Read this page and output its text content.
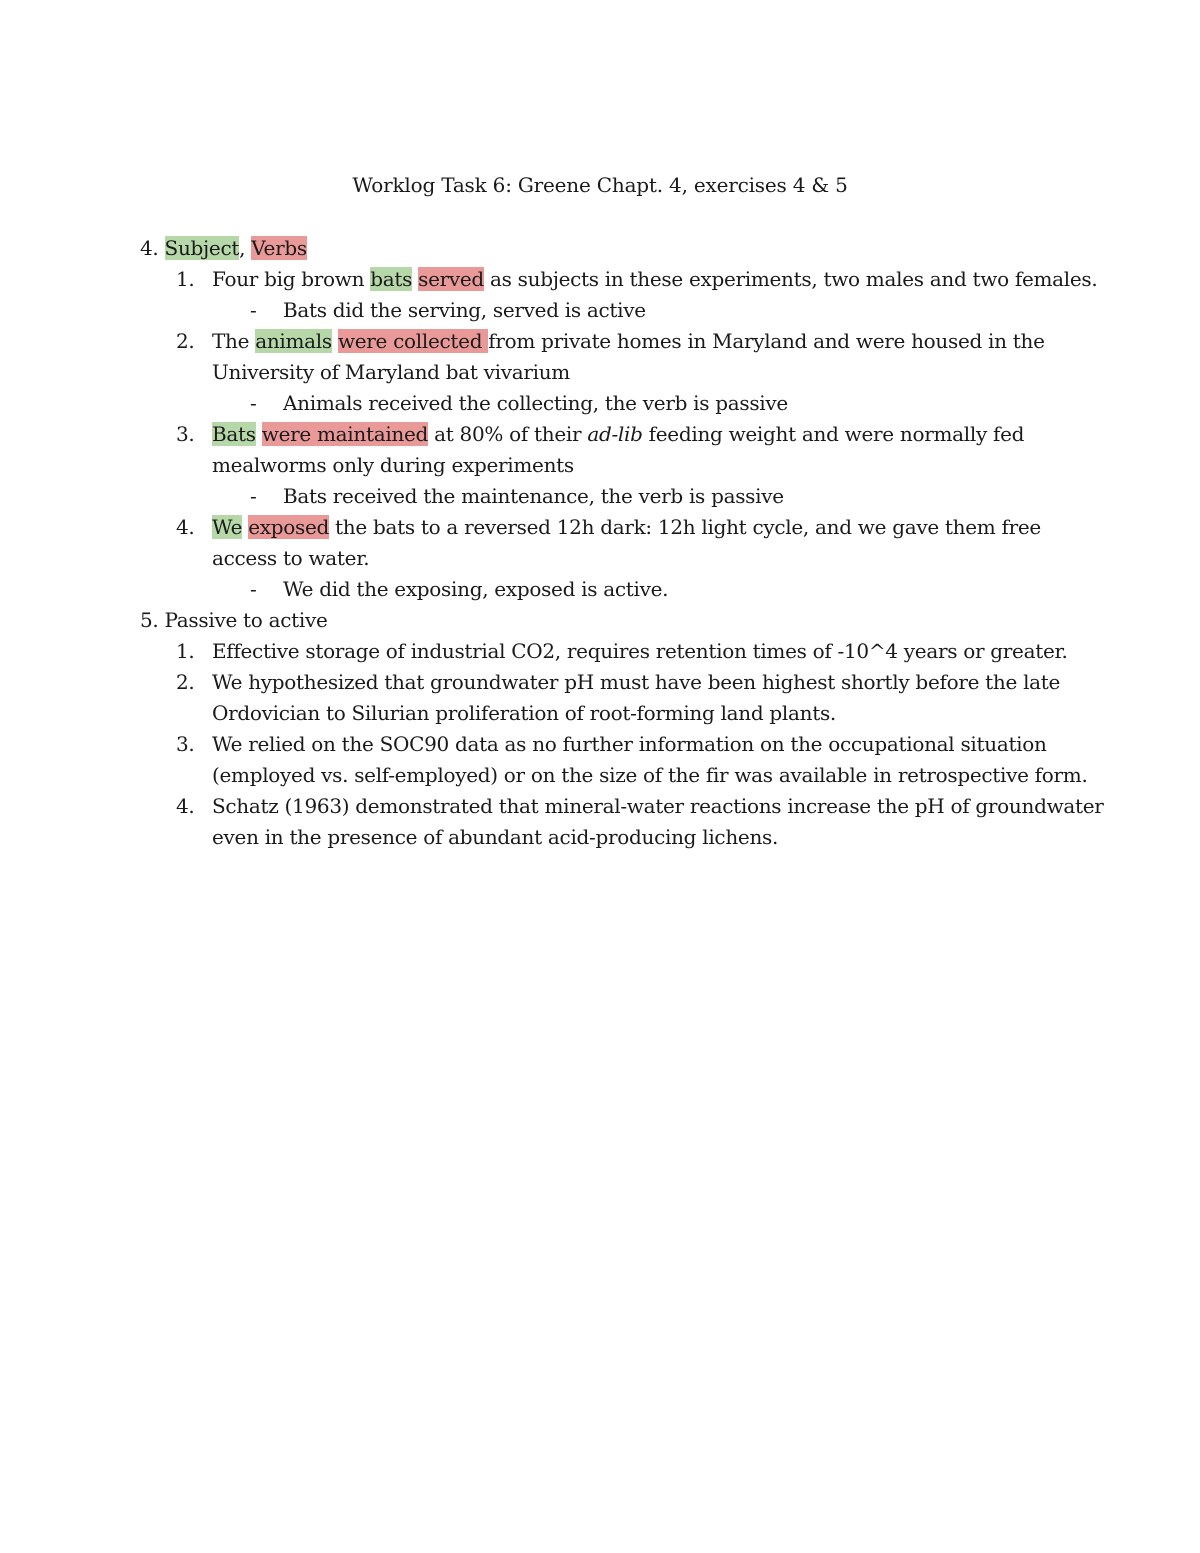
Worklog Task 6: Greene Chapt. 4, exercises 4 & 5
4. Subject, Verbs
1. Four big brown bats served as subjects in these experiments, two males and two females.
- Bats did the serving, served is active
2. The animals were collected from private homes in Maryland and were housed in the
University of Maryland bat vivarium
- Animals received the collecting, the verb is passive
3. Bats were maintained at 80% of their ad-lib feeding weight and were normally fed
mealworms only during experiments
- Bats received the maintenance, the verb is passive
4. We exposed the bats to a reversed 12h dark: 12h light cycle, and we gave them free
access to water.
- We did the exposing, exposed is active.
5. Passive to active
1. Effective storage of industrial CO2, requires retention times of -10^4 years or greater.
2. We hypothesized that groundwater pH must have been highest shortly before the late
Ordovician to Silurian proliferation of root-forming land plants.
3. We relied on the SOC90 data as no further information on the occupational situation
(employed vs. self-employed) or on the size of the fir was available in retrospective form.
4. Schatz (1963) demonstrated that mineral-water reactions increase the pH of groundwater
even in the presence of abundant acid-producing lichens.
